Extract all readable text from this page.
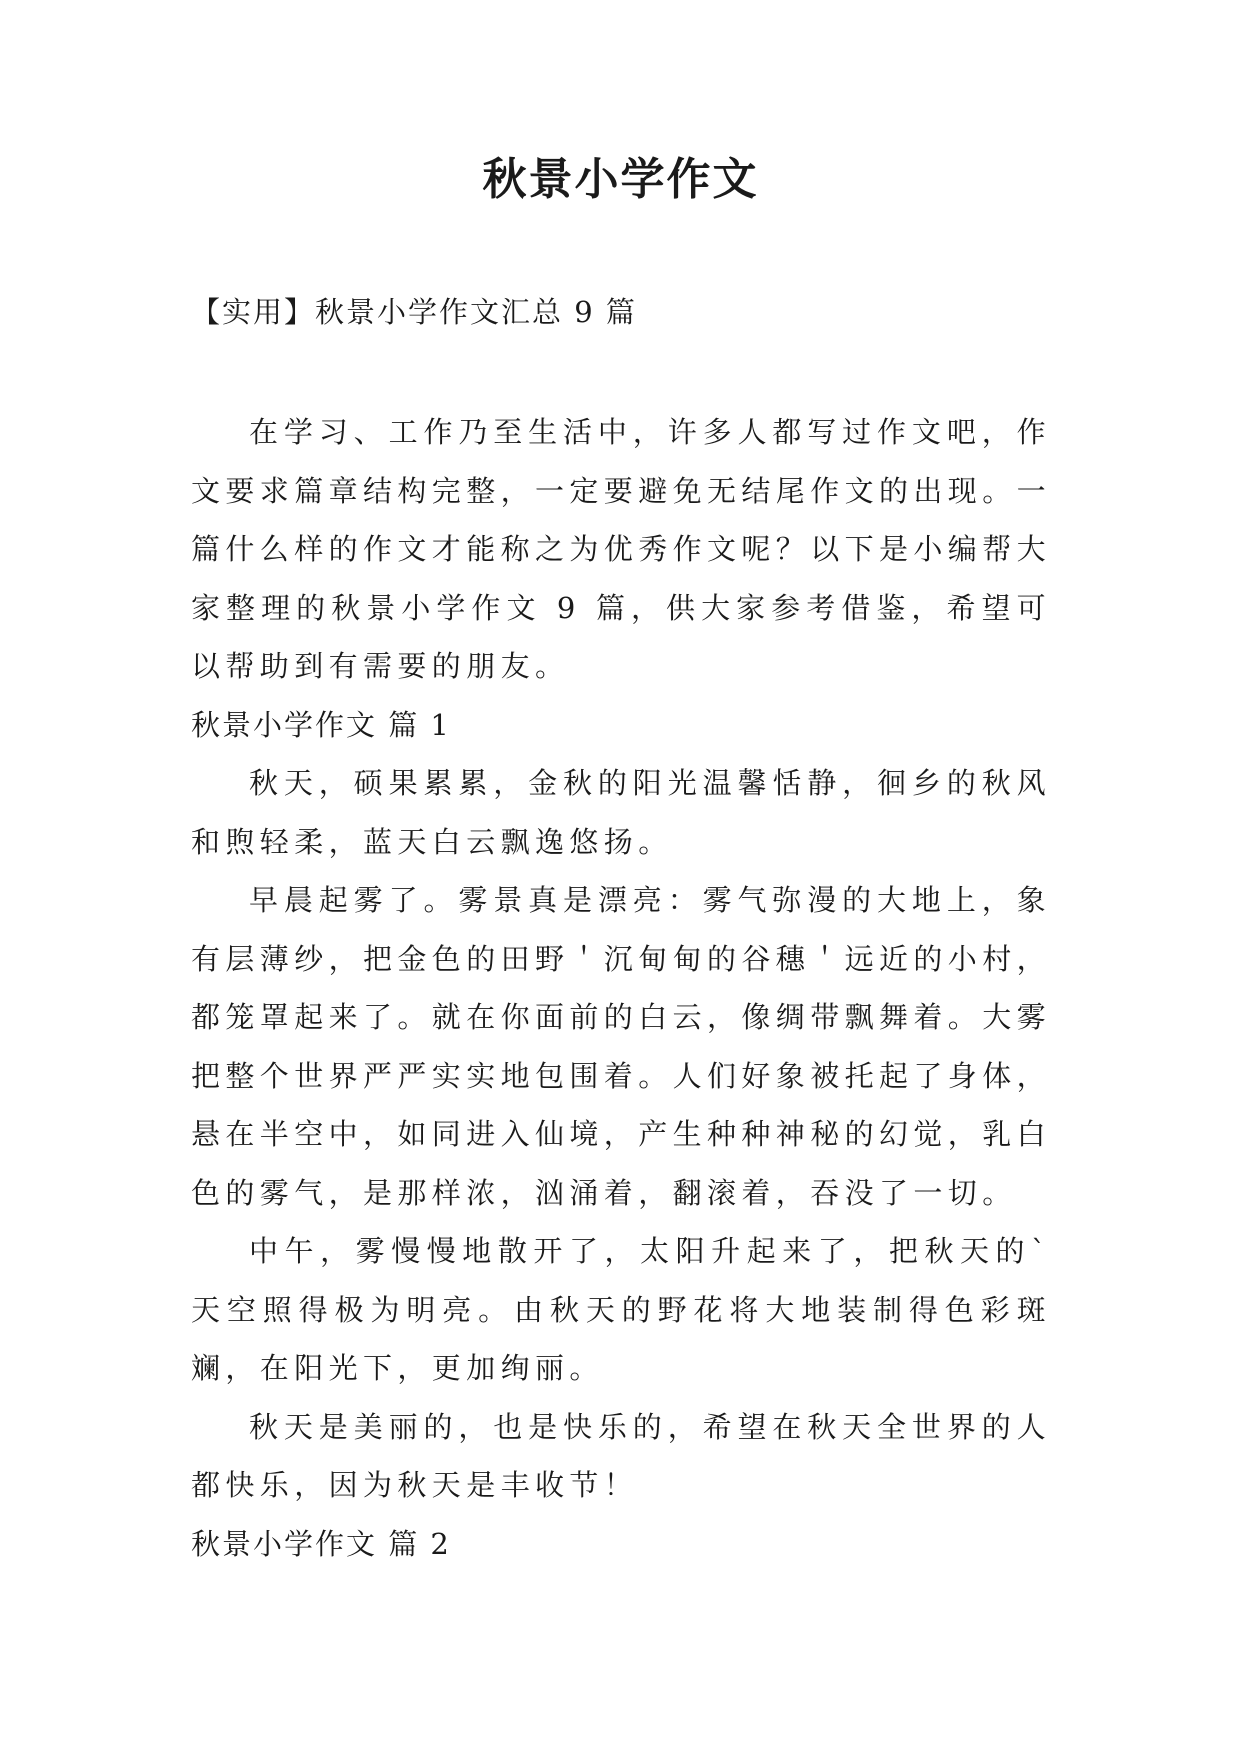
秋景小学作文
【实用】秋景小学作文汇总 9 篇

在学习、工作乃至生活中，许多人都写过作文吧，作文要求篇章结构完整，一定要避免无结尾作文的出现。一篇什么样的作文才能称之为优秀作文呢？以下是小编帮大家整理的秋景小学作文 9 篇，供大家参考借鉴，希望可以帮助到有需要的朋友。

秋景小学作文 篇 1

秋天，硕果累累，金秋的阳光温馨恬静，徊乡的秋风和煦轻柔，蓝天白云飘逸悠扬。

早晨起雾了。雾景真是漂亮：雾气弥漫的大地上，象有层薄纱，把金色的田野＇沉甸甸的谷穗＇远近的小村，都笼罩起来了。就在你面前的白云，像绸带飘舞着。大雾把整个世界严严实实地包围着。人们好象被托起了身体，悬在半空中，如同进入仙境，产生种种神秘的幻觉，乳白色的雾气，是那样浓，汹涌着，翻滚着，吞没了一切。

中午，雾慢慢地散开了，太阳升起来了，把秋天的`天空照得极为明亮。由秋天的野花将大地装制得色彩斑斓，在阳光下，更加绚丽。

秋天是美丽的，也是快乐的，希望在秋天全世界的人都快乐，因为秋天是丰收节！

秋景小学作文 篇 2
